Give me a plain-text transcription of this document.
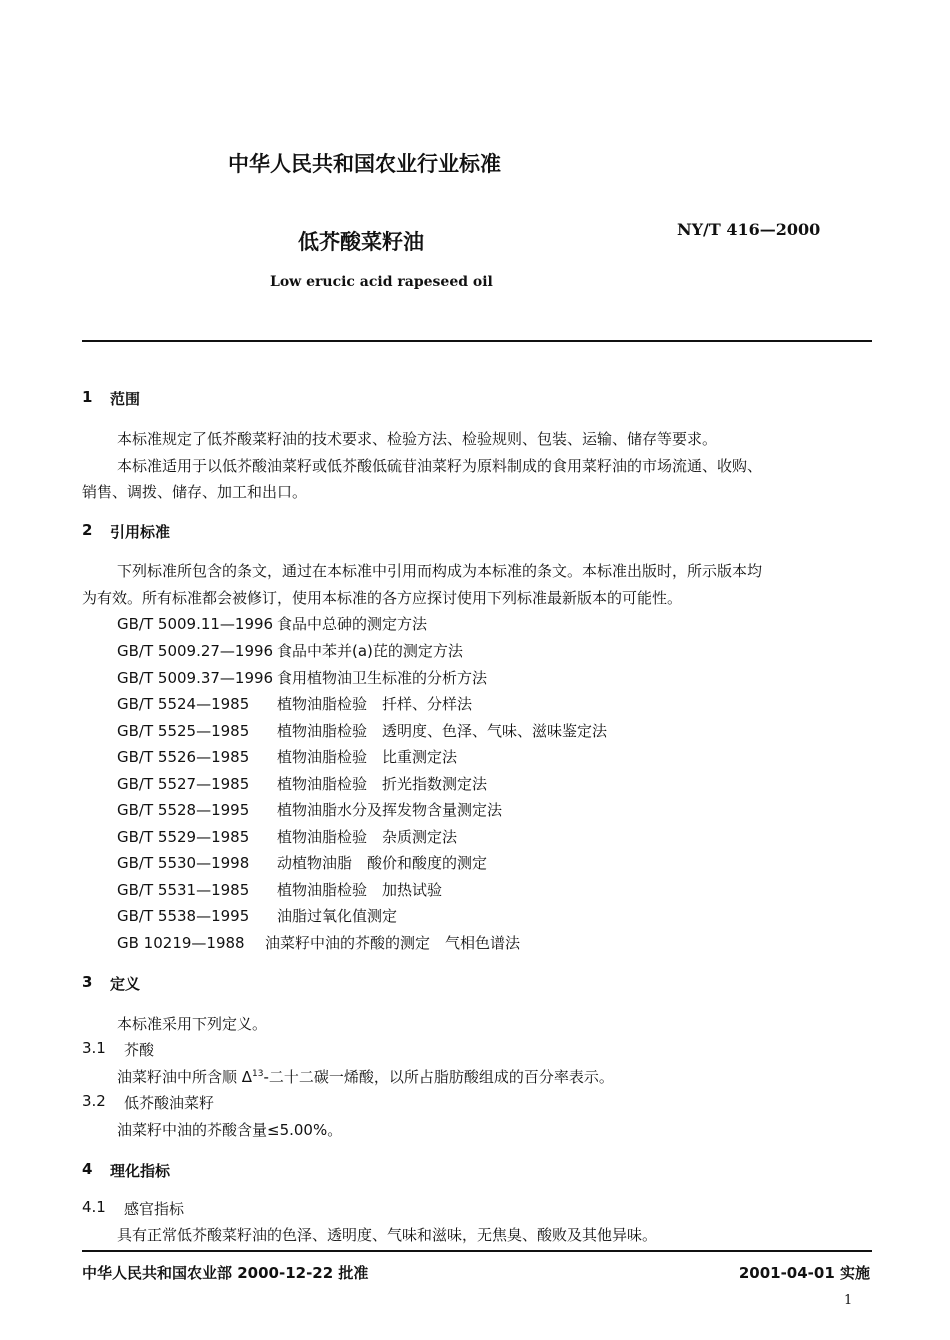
中华人民共和国农业行业标准
低芥酸菜籽油
NY/T 416—2000
Low erucic acid rapeseed oil
1 范围
本标准规定了低芥酸菜籽油的技术要求、检验方法、检验规则、包装、运输、储存等要求。
本标准适用于以低芥酸油菜籽或低芥酸低硫苷油菜籽为原料制成的食用菜籽油的市场流通、收购、
销售、调拨、储存、加工和出口。
2 引用标准
下列标准所包含的条文，通过在本标准中引用而构成为本标准的条文。本标准出版时，所示版本均
为有效。所有标准都会被修订，使用本标准的各方应探讨使用下列标准最新版本的可能性。
GB/T 5009.11—1996 食品中总砷的测定方法
GB/T 5009.27—1996 食品中苯并(a)芘的测定方法
GB/T 5009.37—1996 食用植物油卫生标准的分析方法
GB/T 5524—1985 植物油脂检验　扦样、分样法
GB/T 5525—1985 植物油脂检验　透明度、色泽、气味、滋味鉴定法
GB/T 5526—1985 植物油脂检验　比重测定法
GB/T 5527—1985 植物油脂检验　折光指数测定法
GB/T 5528—1995 植物油脂水分及挥发物含量测定法
GB/T 5529—1985 植物油脂检验　杂质测定法
GB/T 5530—1998 动植物油脂　酸价和酸度的测定
GB/T 5531—1985 植物油脂检验　加热试验
GB/T 5538—1995 油脂过氧化值测定
GB 10219—1988 油菜籽中油的芥酸的测定　气相色谱法
3 定义
本标准采用下列定义。
3.1 芥酸
油菜籽油中所含顺 $\Delta^{13}-$二十二碳一烯酸，以所占脂肪酸组成的百分率表示。
3.2 低芥酸油菜籽
油菜籽中油的芥酸含量≤5.00%。
4 理化指标
4.1 感官指标
具有正常低芥酸菜籽油的色泽、透明度、气味和滋味，无焦臭、酸败及其他异味。
中华人民共和国农业部 2000-12-22 批准	2001-04-01 实施
1
